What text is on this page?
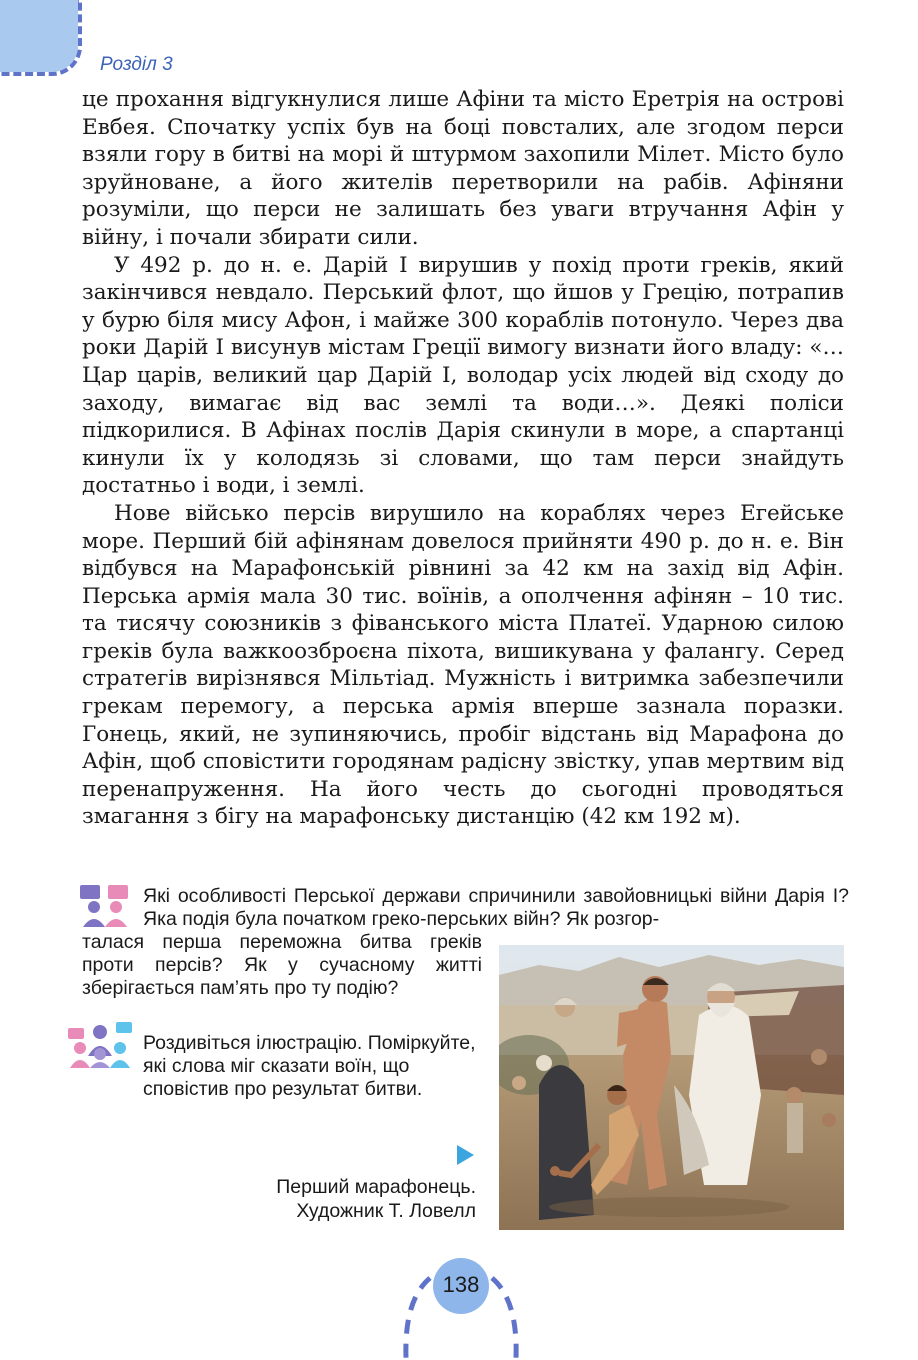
Розділ 3

це прохання відгукнулися лише Афіни та місто Еретрія на острові Евбея. Спочатку успіх був на боці повсталих, але згодом перси взяли гору в битві на морі й штурмом захопили Мілет. Місто було зруйноване, а його жителів перетворили на рабів. Афіняни розуміли, що перси не залишать без уваги втручання Афін у війну, і почали збирати сили.

У 492 р. до н. е. Дарій І вирушив у похід проти греків, який закінчився невдало. Перський флот, що йшов у Грецію, потрапив у бурю біля мису Афон, і майже 300 кораблів потонуло. Через два роки Дарій І висунув містам Греції вимогу визнати його владу: «…Цар царів, великий цар Дарій І, володар усіх людей від сходу до заходу, вимагає від вас землі та води…». Деякі поліси підкорилися. В Афінах послів Дарія скинули в море, а спартанці кинули їх у колодязь зі словами, що там перси знайдуть достатньо і води, і землі.

Нове військо персів вирушило на кораблях через Егейське море. Перший бій афінянам довелося прийняти 490 р. до н. е. Він відбувся на Марафонській рівнині за 42 км на захід від Афін. Перська армія мала 30 тис. воїнів, а ополчення афінян – 10 тис. та тисячу союзників з фіванського міста Платеї. Ударною силою греків була важкоозброєна піхота, вишикувана у фалангу. Серед стратегів вирізнявся Мільтіад. Мужність і витримка забезпечили грекам перемогу, а перська армія вперше зазнала поразки. Гонець, який, не зупиняючись, пробіг відстань від Марафона до Афін, щоб сповістити городянам радісну звістку, упав мертвим від перенапруження. На його честь до сьогодні проводяться змагання з бігу на марафонську дистанцію (42 км 192 м).

Які особливості Перської держави спричинили завойовницькі війни Дарія І? Яка подія була початком греко-перських війн? Як розгор-

талася перша переможна битва греків проти персів? Як у сучасному житті зберігається пам’ять про ту подію?

Роздивіться ілюстрацію. Поміркуйте, які слова міг сказати воїн, що сповістив про результат битви.

Перший марафонець.
Художник Т. Ловелл
138
